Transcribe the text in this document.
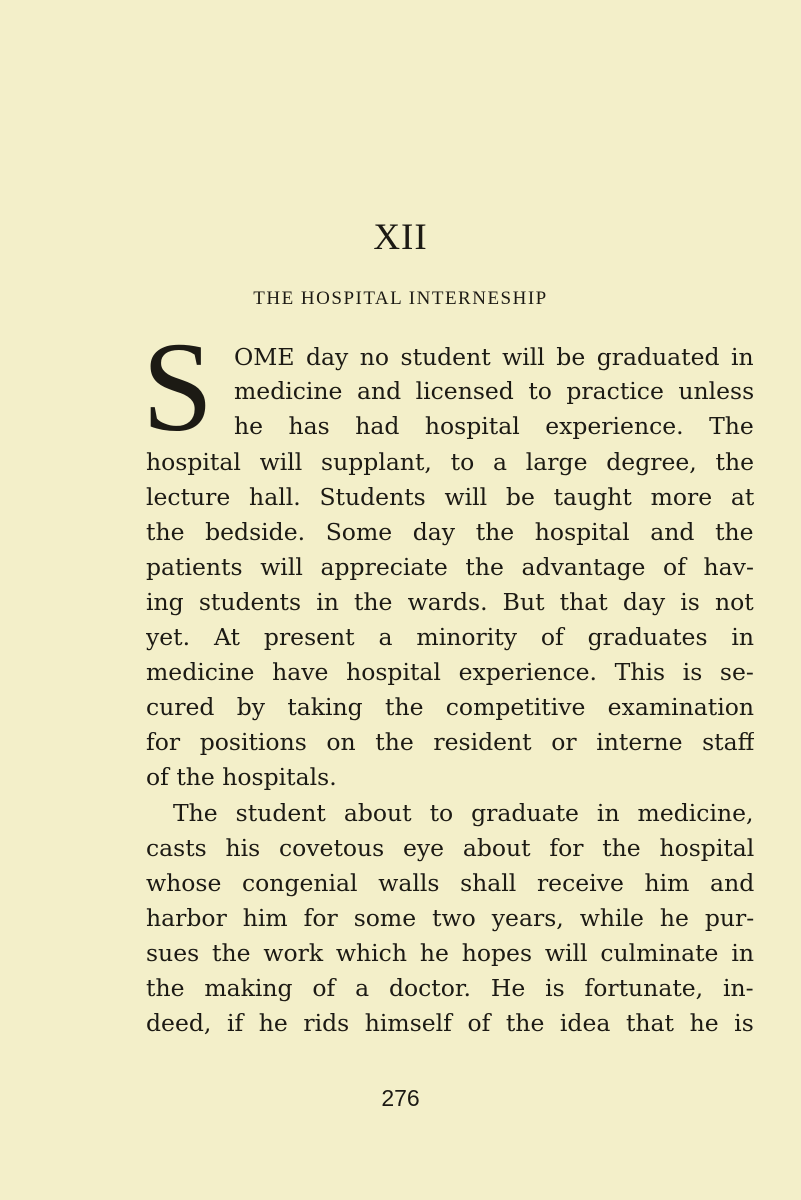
XII
THE HOSPITAL INTERNESHIP
S OME day no student will be graduated in
medicine and licensed to practice unless
he has had hospital experience. The
hospital will supplant, to a large degree, the
lecture hall. Students will be taught more at
the bedside. Some day the hospital and the
patients will appreciate the advantage of hav-
ing students in the wards. But that day is not
yet. At present a minority of graduates in
medicine have hospital experience. This is se-
cured by taking the competitive examination
for positions on the resident or interne staff
of the hospitals.
The student about to graduate in medicine,
casts his covetous eye about for the hospital
whose congenial walls shall receive him and
harbor him for some two years, while he pur-
sues the work which he hopes will culminate in
the making of a doctor. He is fortunate, in-
deed, if he rids himself of the idea that he is
276
